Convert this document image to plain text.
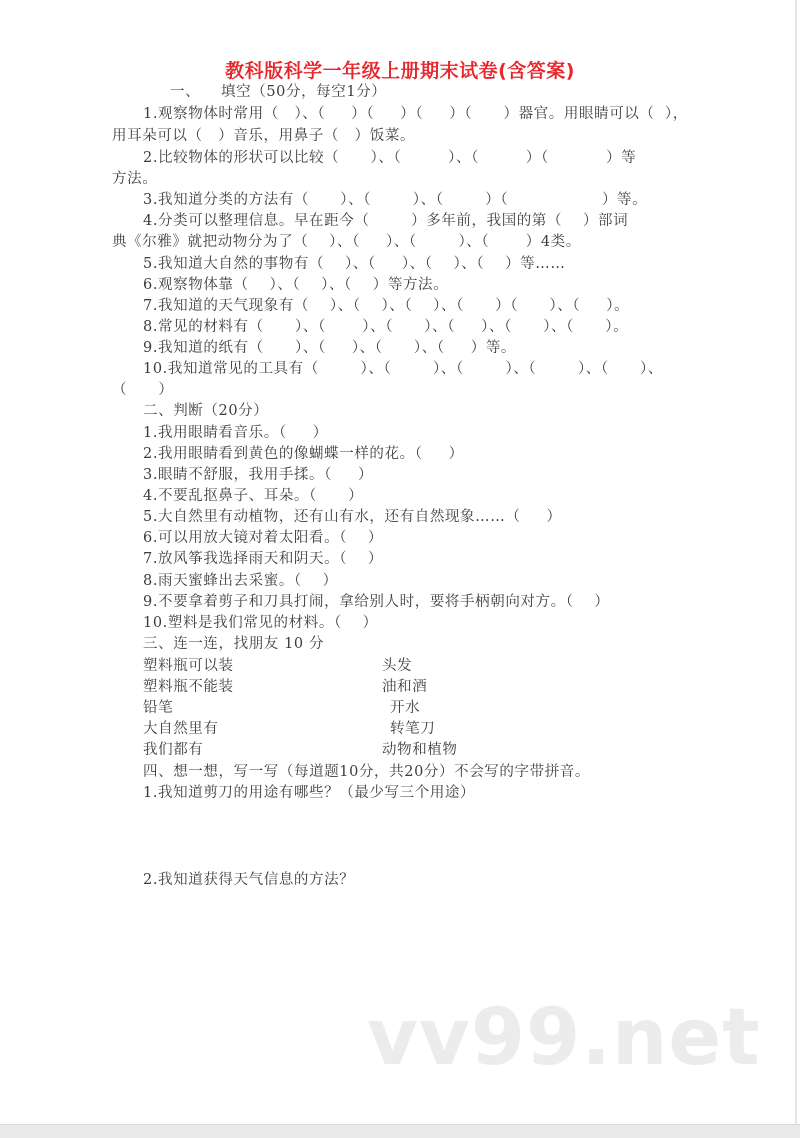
教科版科学一年级上册期末试卷(含答案)
一、    填空（50分，每空1分）
1.观察物体时常用（   ）、（     ）（     ）（     ）（      ）器官。用眼睛可以（  ），
用耳朵可以（   ）音乐，用鼻子（   ）饭菜。
2.比较物体的形状可以比较（      ）、（         ）、（         ）（           ）等
方法。
3.我知道分类的方法有（      ）、（        ）、（        ）（                  ）等。
4.分类可以整理信息。早在距今（        ）多年前，我国的第（    ）部词
典《尔雅》就把动物分为了（    ）、（     ）、（        ）、（       ）4类。
5.我知道大自然的事物有（    ）、（     ）、（    ）、（    ）等……
6.观察物体靠（    ）、（    ）、（    ）等方法。
7.我知道的天气现象有（    ）、（    ）、（    ）、（      ）（      ）、（     ）。
8.常见的材料有（      ）、（       ）、（      ）、（     ）、（      ）、（      ）。
9.我知道的纸有（      ）、（     ）、（      ）、（     ）等。
10.我知道常见的工具有（        ）、（        ）、（        ）、（        ）、（      ）、
（      ）
二、判断（20分）
1.我用眼睛看音乐。（     ）
2.我用眼睛看到黄色的像蝴蝶一样的花。（     ）
3.眼睛不舒服，我用手揉。（     ）
4.不要乱抠鼻子、耳朵。（      ）
5.大自然里有动植物，还有山有水，还有自然现象……（     ）
6.可以用放大镜对着太阳看。（    ）
7.放风筝我选择雨天和阴天。（    ）
8.雨天蜜蜂出去采蜜。（    ）
9.不要拿着剪子和刀具打闹，拿给别人时，要将手柄朝向对方。（    ）
10.塑料是我们常见的材料。（    ）
三、连一连，找朋友 10 分
塑料瓶可以装	头发
塑料瓶不能装	油和酒
铅笔	开水
大自然里有	转笔刀
我们都有	动物和植物
四、想一想，写一写（每道题10分，共20分）不会写的字带拼音。
1.我知道剪刀的用途有哪些？（最少写三个用途）
2.我知道获得天气信息的方法？
vv99.net
